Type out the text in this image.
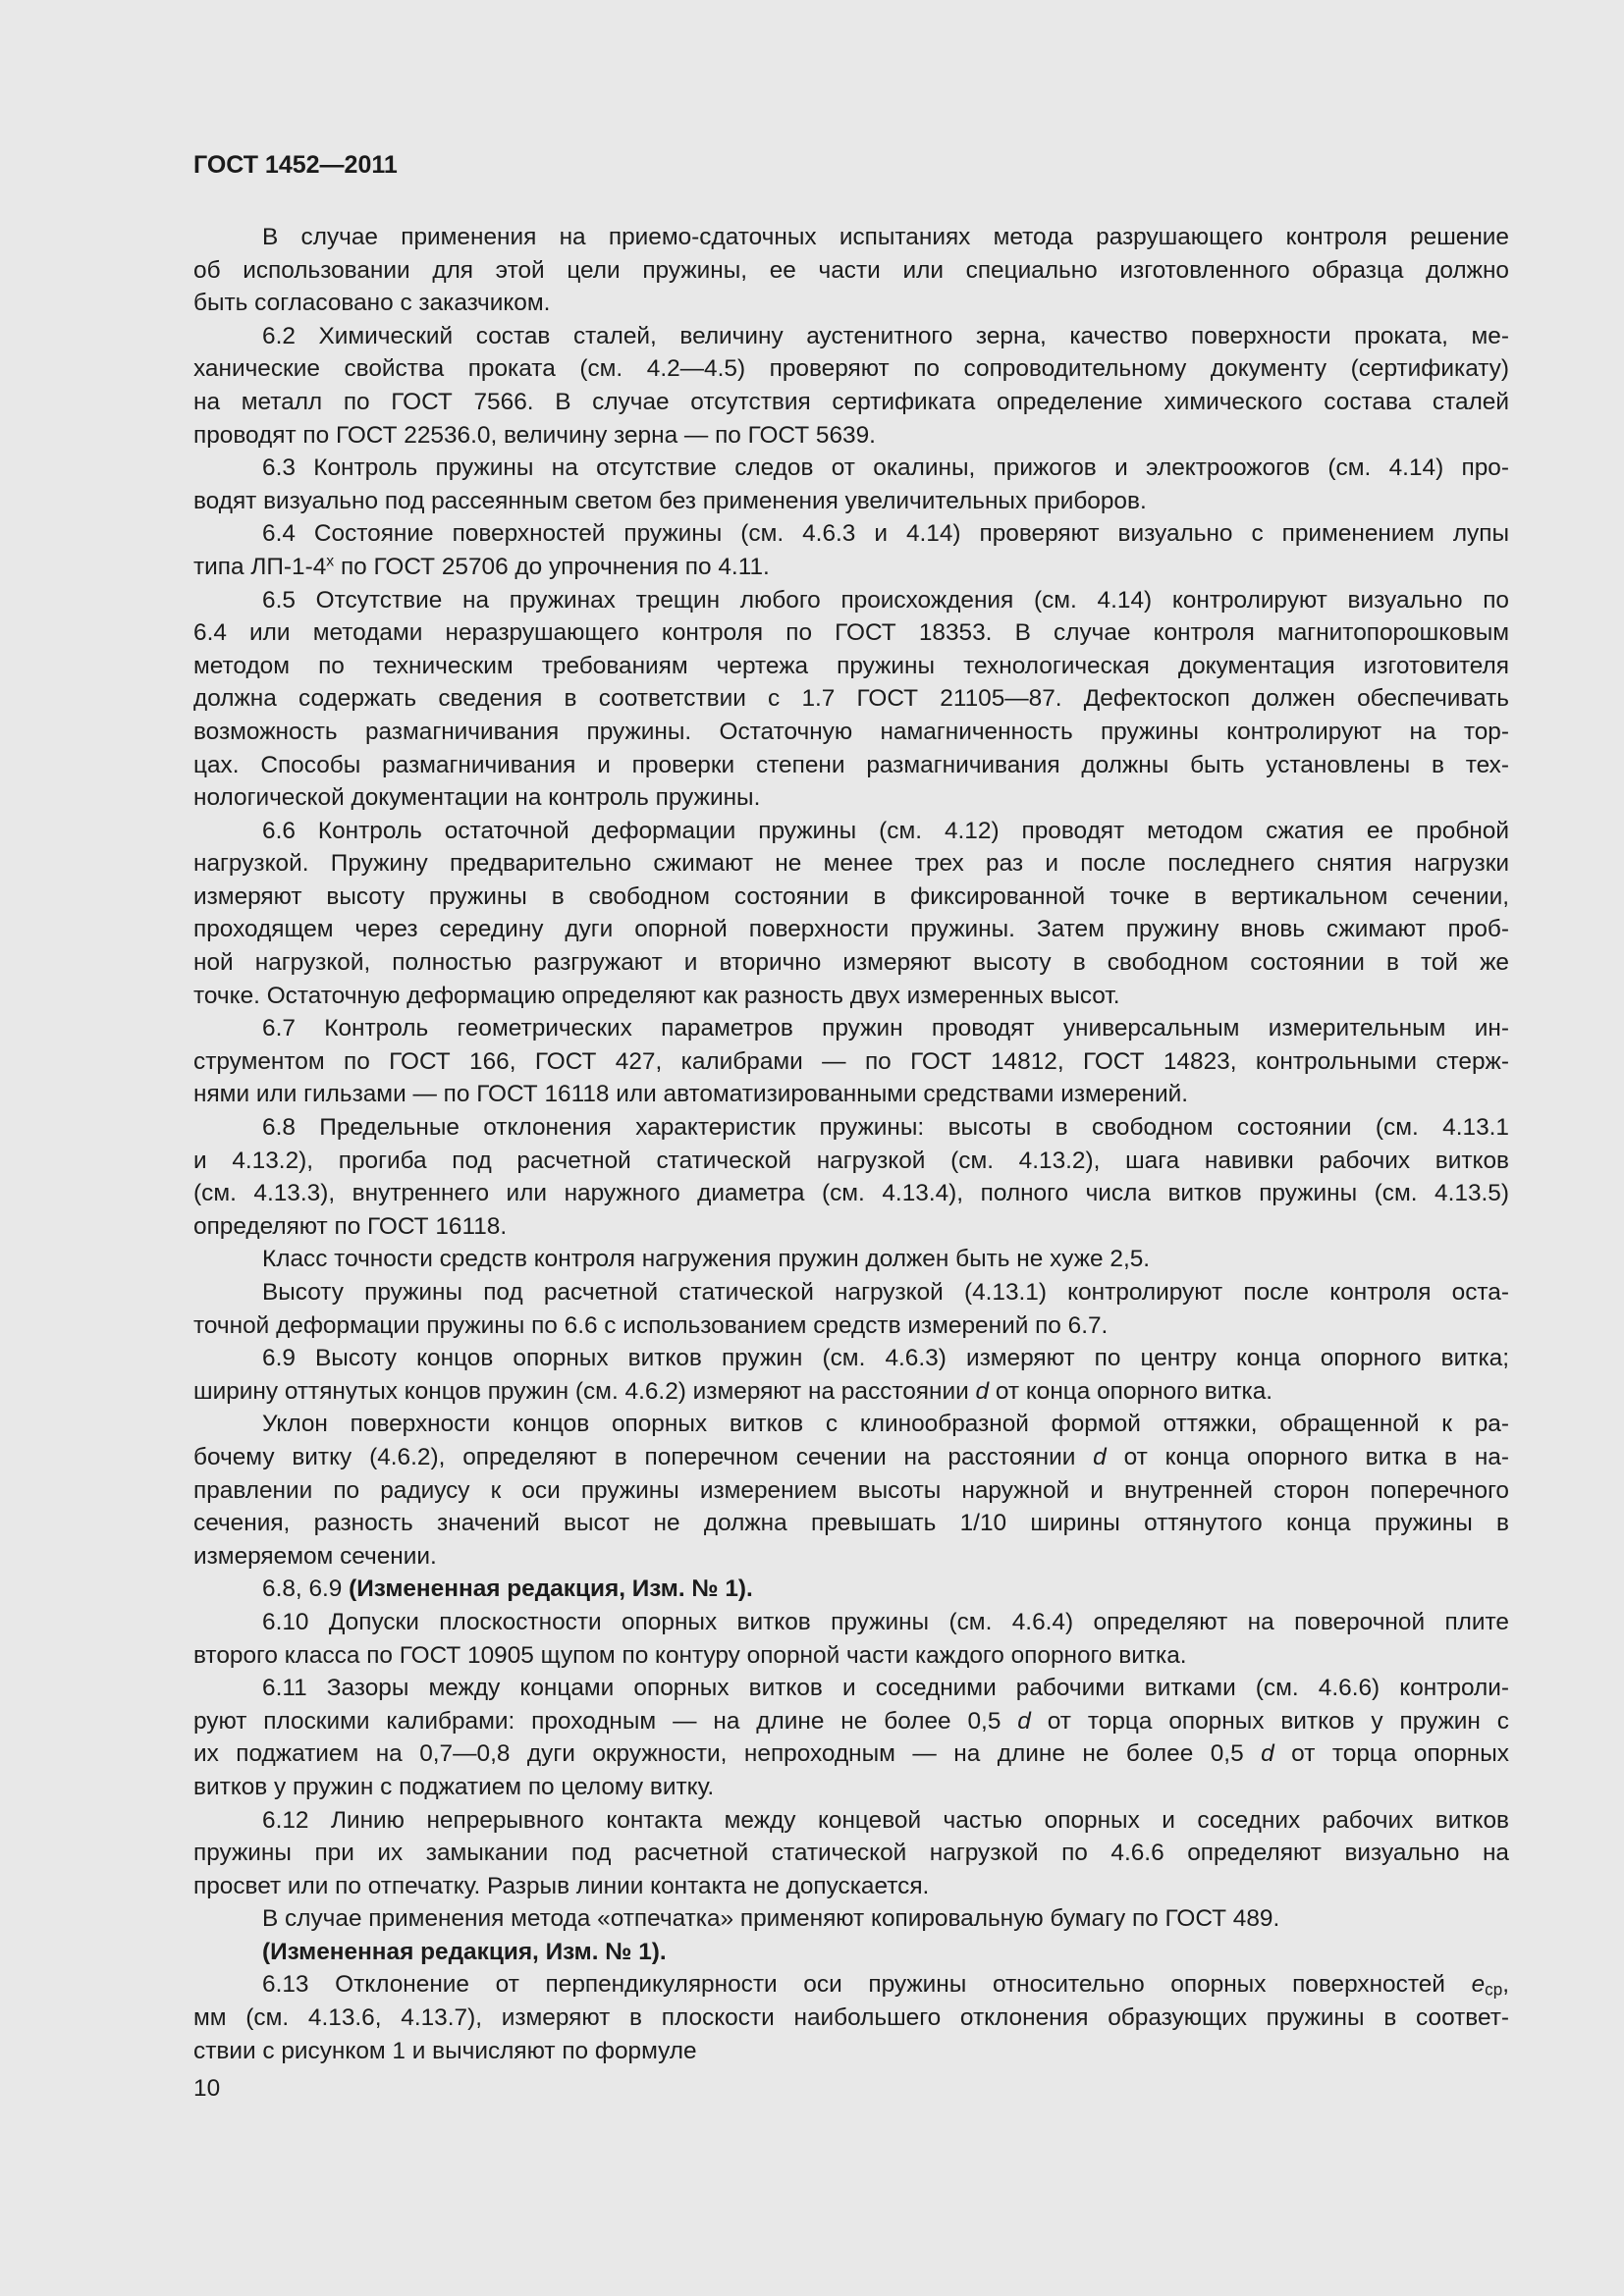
ГОСТ 1452—2011
В случае применения на приемо-сдаточных испытаниях метода разрушающего контроля решение
об использовании для этой цели пружины, ее части или специально изготовленного образца должно
быть согласовано с заказчиком.
6.2 Химический состав сталей, величину аустенитного зерна, качество поверхности проката, ме-
ханические свойства проката (см. 4.2—4.5) проверяют по сопроводительному документу (сертификату)
на металл по ГОСТ 7566. В случае отсутствия сертификата определение химического состава сталей
проводят по ГОСТ 22536.0, величину зерна — по ГОСТ 5639.
6.3 Контроль пружины на отсутствие следов от окалины, прижогов и электроожогов (см. 4.14) про-
водят визуально под рассеянным светом без применения увеличительных приборов.
6.4 Состояние поверхностей пружины (см. 4.6.3 и 4.14) проверяют визуально с применением лупы
типа $ЛП-1-4^х$ по ГОСТ 25706 до упрочнения по 4.11.
6.5 Отсутствие на пружинах трещин любого происхождения (см. 4.14) контролируют визуально по
6.4 или методами неразрушающего контроля по ГОСТ 18353. В случае контроля магнитопорошковым
методом по техническим требованиям чертежа пружины технологическая документация изготовителя
должна содержать сведения в соответствии с 1.7 ГОСТ 21105—87. Дефектоскоп должен обеспечивать
возможность размагничивания пружины. Остаточную намагниченность пружины контролируют на тор-
цах. Способы размагничивания и проверки степени размагничивания должны быть установлены в тех-
нологической документации на контроль пружины.
6.6 Контроль остаточной деформации пружины (см. 4.12) проводят методом сжатия ее пробной
нагрузкой. Пружину предварительно сжимают не менее трех раз и после последнего снятия нагрузки
измеряют высоту пружины в свободном состоянии в фиксированной точке в вертикальном сечении,
проходящем через середину дуги опорной поверхности пружины. Затем пружину вновь сжимают проб-
ной нагрузкой, полностью разгружают и вторично измеряют высоту в свободном состоянии в той же
точке. Остаточную деформацию определяют как разность двух измеренных высот.
6.7 Контроль геометрических параметров пружин проводят универсальным измерительным ин-
струментом по ГОСТ 166, ГОСТ 427, калибрами — по ГОСТ 14812, ГОСТ 14823, контрольными стерж-
нями или гильзами — по ГОСТ 16118 или автоматизированными средствами измерений.
6.8 Предельные отклонения характеристик пружины: высоты в свободном состоянии (см. 4.13.1
и 4.13.2), прогиба под расчетной статической нагрузкой (см. 4.13.2), шага навивки рабочих витков
(см. 4.13.3), внутреннего или наружного диаметра (см. 4.13.4), полного числа витков пружины (см. 4.13.5)
определяют по ГОСТ 16118.
Класс точности средств контроля нагружения пружин должен быть не хуже 2,5.
Высоту пружины под расчетной статической нагрузкой (4.13.1) контролируют после контроля оста-
точной деформации пружины по 6.6 с использованием средств измерений по 6.7.
6.9 Высоту концов опорных витков пружин (см. 4.6.3) измеряют по центру конца опорного витка;
ширину оттянутых концов пружин (см. 4.6.2) измеряют на расстоянии d от конца опорного витка.
Уклон поверхности концов опорных витков с клинообразной формой оттяжки, обращенной к ра-
бочему витку (4.6.2), определяют в поперечном сечении на расстоянии d от конца опорного витка в на-
правлении по радиусу к оси пружины измерением высоты наружной и внутренней сторон поперечного
сечения, разность значений высот не должна превышать 1/10 ширины оттянутого конца пружины в
измеряемом сечении.
6.8, 6.9 (Измененная редакция, Изм. № 1).
6.10 Допуски плоскостности опорных витков пружины (см. 4.6.4) определяют на поверочной плите
второго класса по ГОСТ 10905 щупом по контуру опорной части каждого опорного витка.
6.11 Зазоры между концами опорных витков и соседними рабочими витками (см. 4.6.6) контроли-
руют плоскими калибрами: проходным — на длине не более 0,5 d от торца опорных витков у пружин с
их поджатием на 0,7—0,8 дуги окружности, непроходным — на длине не более 0,5 d от торца опорных
витков у пружин с поджатием по целому витку.
6.12 Линию непрерывного контакта между концевой частью опорных и соседних рабочих витков
пружины при их замыкании под расчетной статической нагрузкой по 4.6.6 определяют визуально на
просвет или по отпечатку. Разрыв линии контакта не допускается.
В случае применения метода «отпечатка» применяют копировальную бумагу по ГОСТ 489.
(Измененная редакция, Изм. № 1).
6.13 Отклонение от перпендикулярности оси пружины относительно опорных поверхностей $e_{ср}$,
мм (см. 4.13.6, 4.13.7), измеряют в плоскости наибольшего отклонения образующих пружины в соответ-
ствии с рисунком 1 и вычисляют по формуле
10
